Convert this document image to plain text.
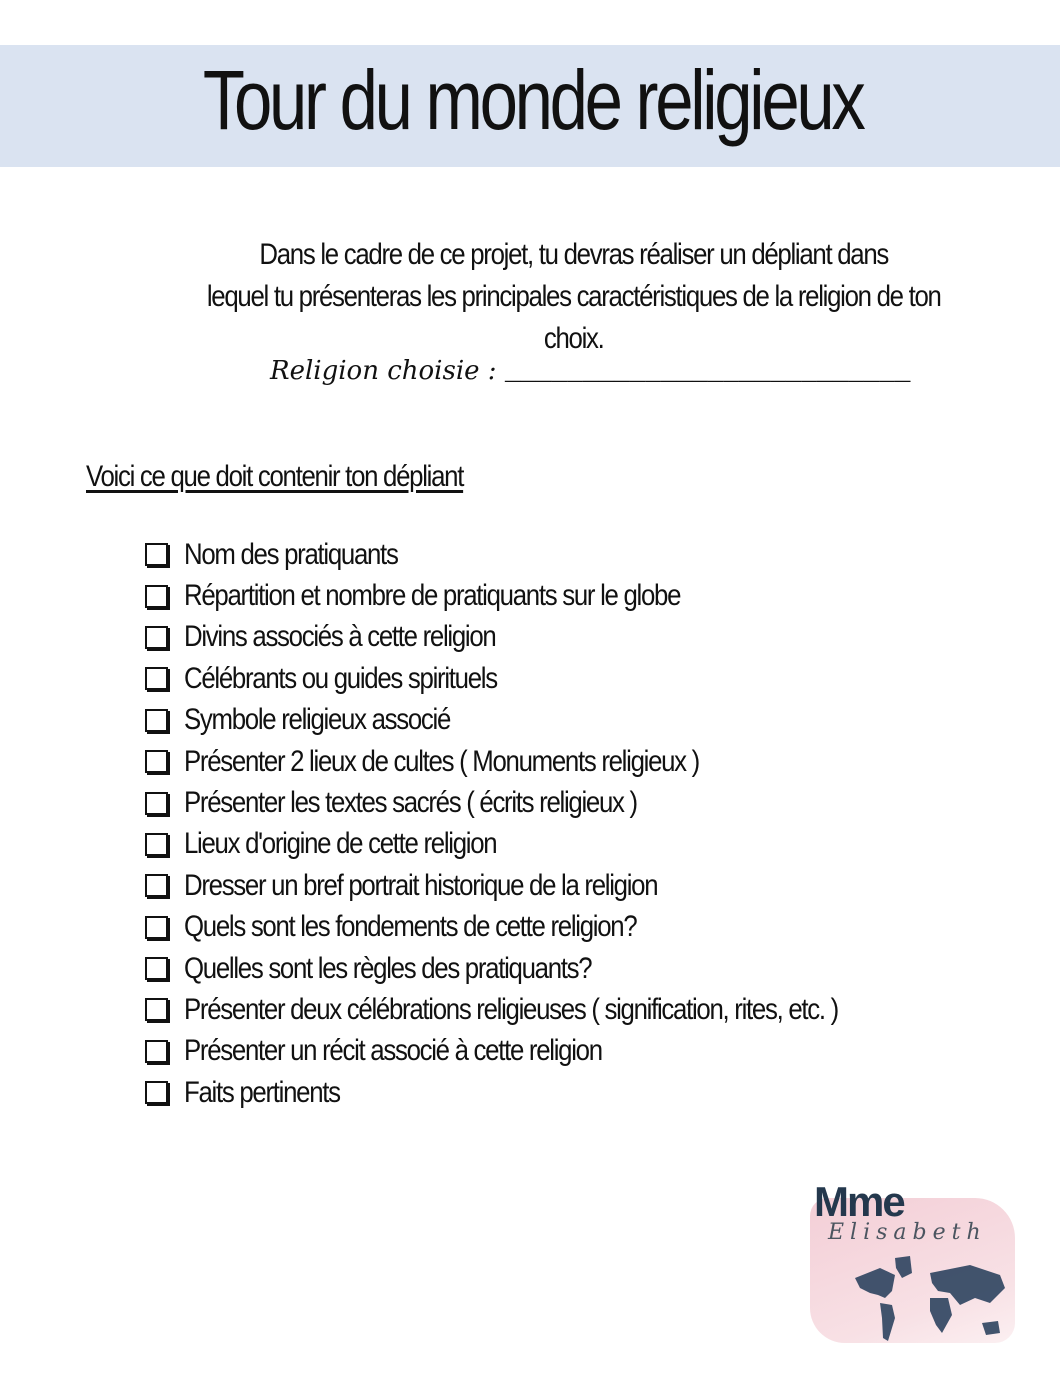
Tour du monde religieux
Dans le cadre de ce projet, tu devras réaliser un dépliant dans
lequel tu présenteras les principales caractéristiques de la religion de ton choix.
Religion choisie : __________________________
Voici ce que doit contenir ton dépliant
Nom des pratiquants
Répartition et nombre de pratiquants sur le globe
Divins associés à cette religion
Célébrants ou guides spirituels
Symbole religieux associé
Présenter 2 lieux de cultes ( Monuments religieux )
Présenter les textes sacrés ( écrits religieux )
Lieux d'origine de cette religion
Dresser un bref portrait historique de la religion
Quels sont les fondements de cette religion?
Quelles sont les règles des pratiquants?
Présenter deux célébrations religieuses ( signification, rites, etc. )
Présenter un récit associé à cette religion
Faits pertinents
Mme
Elisabeth
